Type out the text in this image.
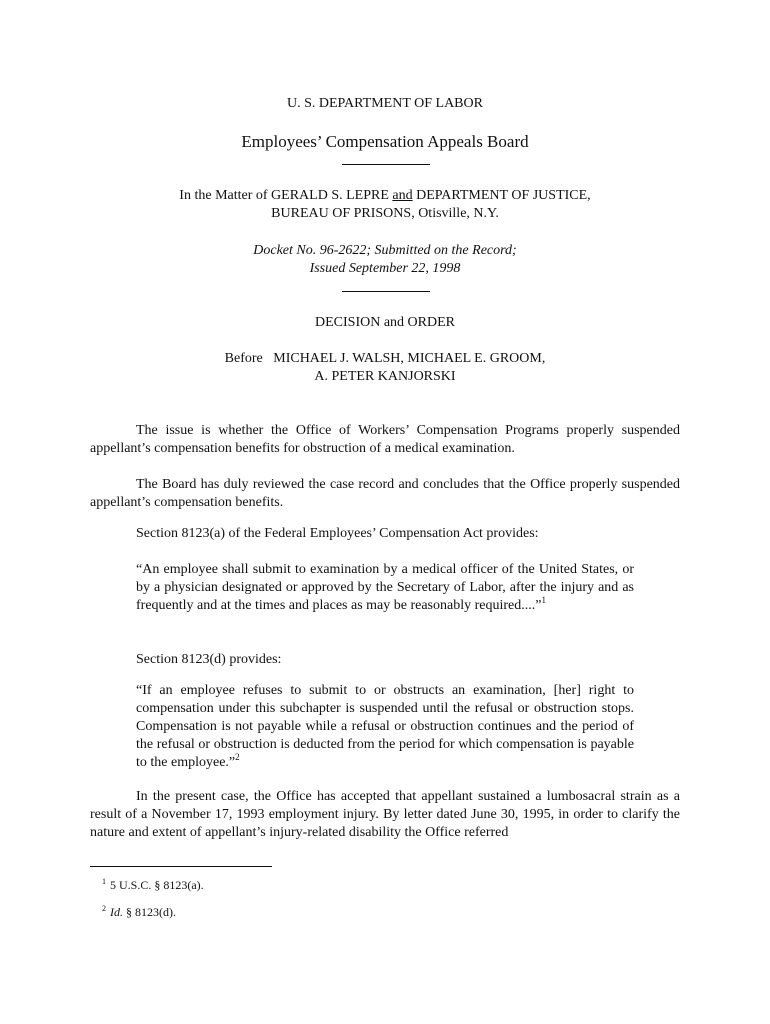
U. S. DEPARTMENT OF LABOR
Employees’ Compensation Appeals Board
In the Matter of GERALD S. LEPRE and DEPARTMENT OF JUSTICE,
BUREAU OF PRISONS, Otisville, N.Y.
Docket No. 96-2622; Submitted on the Record;
Issued September 22, 1998
DECISION and ORDER
Before   MICHAEL J. WALSH, MICHAEL E. GROOM,
A. PETER KANJORSKI
The issue is whether the Office of Workers’ Compensation Programs properly suspended appellant’s compensation benefits for obstruction of a medical examination.
The Board has duly reviewed the case record and concludes that the Office properly suspended appellant’s compensation benefits.
Section 8123(a) of the Federal Employees’ Compensation Act provides:
“An employee shall submit to examination by a medical officer of the United States, or by a physician designated or approved by the Secretary of Labor, after the injury and as frequently and at the times and places as may be reasonably required....”$^1$
Section 8123(d) provides:
“If an employee refuses to submit to or obstructs an examination, [her] right to compensation under this subchapter is suspended until the refusal or obstruction stops. Compensation is not payable while a refusal or obstruction continues and the period of the refusal or obstruction is deducted from the period for which compensation is payable to the employee.”$^2$
In the present case, the Office has accepted that appellant sustained a lumbosacral strain as a result of a November 17, 1993 employment injury. By letter dated June 30, 1995, in order to clarify the nature and extent of appellant’s injury-related disability the Office referred
$^1$ 5 U.S.C. § 8123(a).
$^2$ Id. § 8123(d).
